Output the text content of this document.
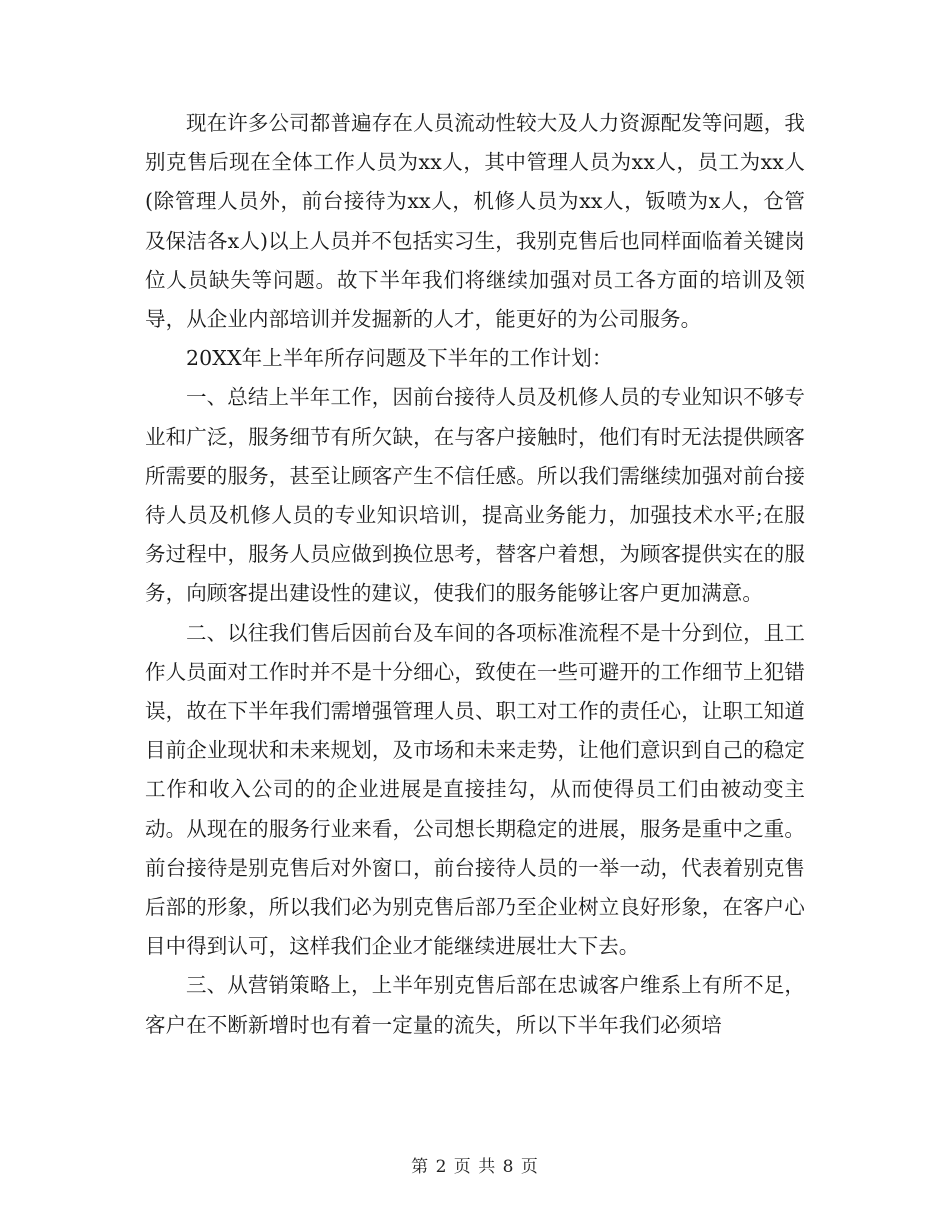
现在许多公司都普遍存在人员流动性较大及人力资源配发等问题，我别克售后现在全体工作人员为xx人，其中管理人员为xx人，员工为xx人(除管理人员外，前台接待为xx人，机修人员为xx人，钣喷为x人，仓管及保洁各x人)以上人员并不包括实习生，我别克售后也同样面临着关键岗位人员缺失等问题。故下半年我们将继续加强对员工各方面的培训及领导，从企业内部培训并发掘新的人才，能更好的为公司服务。

20XX年上半年所存问题及下半年的工作计划：

一、总结上半年工作，因前台接待人员及机修人员的专业知识不够专业和广泛，服务细节有所欠缺，在与客户接触时，他们有时无法提供顾客所需要的服务，甚至让顾客产生不信任感。所以我们需继续加强对前台接待人员及机修人员的专业知识培训，提高业务能力，加强技术水平;在服务过程中，服务人员应做到换位思考，替客户着想，为顾客提供实在的服务，向顾客提出建设性的建议，使我们的服务能够让客户更加满意。

二、以往我们售后因前台及车间的各项标准流程不是十分到位，且工作人员面对工作时并不是十分细心，致使在一些可避开的工作细节上犯错误，故在下半年我们需增强管理人员、职工对工作的责任心，让职工知道目前企业现状和未来规划，及市场和未来走势，让他们意识到自己的稳定工作和收入公司的的企业进展是直接挂勾，从而使得员工们由被动变主动。从现在的服务行业来看，公司想长期稳定的进展，服务是重中之重。前台接待是别克售后对外窗口，前台接待人员的一举一动，代表着别克售后部的形象，所以我们必为别克售后部乃至企业树立良好形象，在客户心目中得到认可，这样我们企业才能继续进展壮大下去。

三、从营销策略上，上半年别克售后部在忠诚客户维系上有所不足，客户在不断新增时也有着一定量的流失，所以下半年我们必须培

第 2 页 共 8 页
